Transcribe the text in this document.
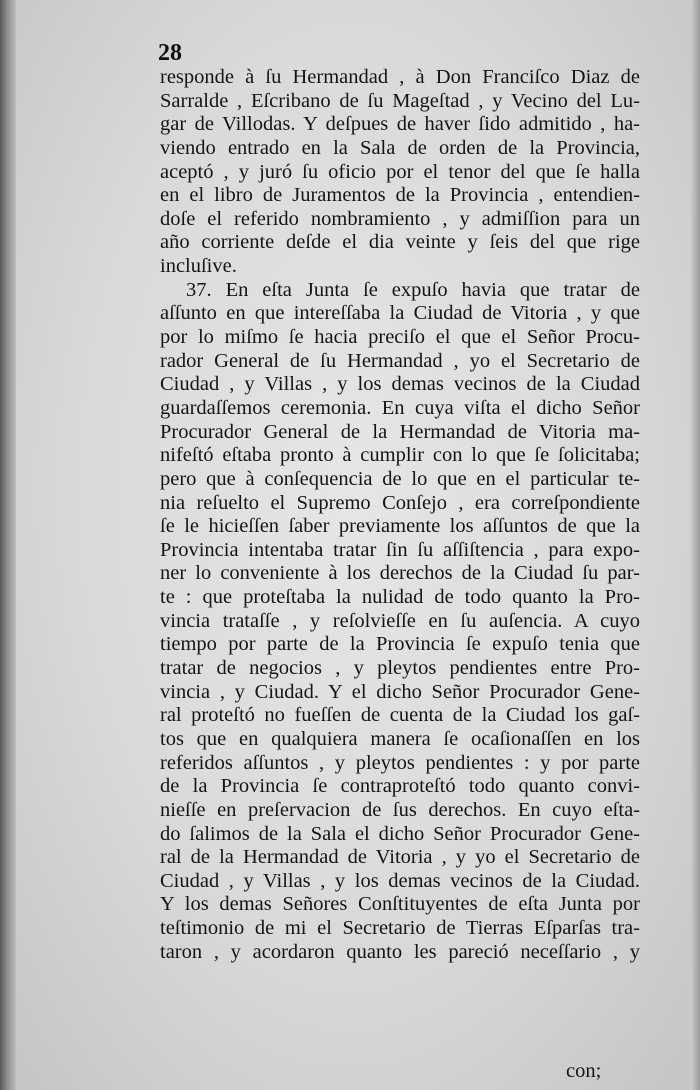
28
responde à ſu Hermandad , à Don Franciſco Diaz de
Sarralde , Eſcribano de ſu Mageſtad , y Vecino del Lu-
gar de Villodas. Y deſpues de haver ſido admitido , ha-
viendo entrado en la Sala de orden de la Provincia,
aceptó , y juró ſu oficio por el tenor del que ſe halla
en el libro de Juramentos de la Provincia , entendien-
doſe el referido nombramiento , y admiſſion para un
año corriente deſde el dia veinte y ſeis del que rige
incluſive.
37. En eſta Junta ſe expuſo havia que tratar de
aſſunto en que intereſſaba la Ciudad de Vitoria , y que
por lo miſmo ſe hacia preciſo el que el Señor Procu-
rador General de ſu Hermandad , yo el Secretario de
Ciudad , y Villas , y los demas vecinos de la Ciudad
guardaſſemos ceremonia. En cuya viſta el dicho Señor
Procurador General de la Hermandad de Vitoria ma-
nifeſtó eſtaba pronto à cumplir con lo que ſe ſolicitaba;
pero que à conſequencia de lo que en el particular te-
nia reſuelto el Supremo Conſejo , era correſpondiente
ſe le hicieſſen ſaber previamente los aſſuntos de que la
Provincia intentaba tratar ſin ſu aſſiſtencia , para expo-
ner lo conveniente à los derechos de la Ciudad ſu par-
te : que proteſtaba la nulidad de todo quanto la Pro-
vincia trataſſe , y reſolvieſſe en ſu auſencia. A cuyo
tiempo por parte de la Provincia ſe expuſo tenia que
tratar de negocios , y pleytos pendientes entre Pro-
vincia , y Ciudad. Y el dicho Señor Procurador Gene-
ral proteſtó no fueſſen de cuenta de la Ciudad los gaſ-
tos que en qualquiera manera ſe ocaſionaſſen en los
referidos aſſuntos , y pleytos pendientes : y por parte
de la Provincia ſe contraproteſtó todo quanto convi-
nieſſe en preſervacion de ſus derechos. En cuyo eſta-
do ſalimos de la Sala el dicho Señor Procurador Gene-
ral de la Hermandad de Vitoria , y yo el Secretario de
Ciudad , y Villas , y los demas vecinos de la Ciudad.
Y los demas Señores Conſtituyentes de eſta Junta por
teſtimonio de mi el Secretario de Tierras Eſparſas tra-
taron , y acordaron quanto les pareció neceſſario , y
con;
